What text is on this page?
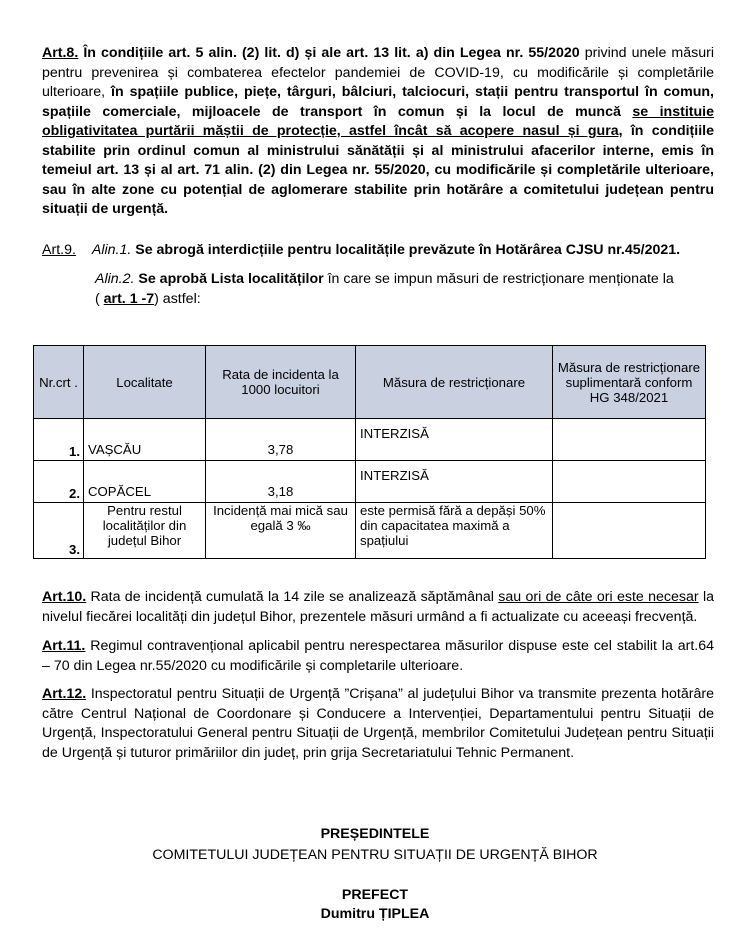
Art.8. În condițiile art. 5 alin. (2) lit. d) și ale art. 13 lit. a) din Legea nr. 55/2020 privind unele măsuri pentru prevenirea și combaterea efectelor pandemiei de COVID-19, cu modificările și completările ulterioare, în spațiile publice, piețe, târguri, bâlciuri, talciocuri, stații pentru transportul în comun, spațiile comerciale, mijloacele de transport în comun și la locul de muncă se instituie obligativitatea purtării măștii de protecție, astfel încât să acopere nasul și gura, în condițiile stabilite prin ordinul comun al ministrului sănătății și al ministrului afacerilor interne, emis în temeiul art. 13 și al art. 71 alin. (2) din Legea nr. 55/2020, cu modificările și completările ulterioare, sau în alte zone cu potențial de aglomerare stabilite prin hotărâre a comitetului județean pentru situații de urgență.
Art.9. Alin.1. Se abrogă interdicțiile pentru localitățile prevăzute în Hotărârea CJSU nr.45/2021.
Alin.2. Se aprobă Lista localităților în care se impun măsuri de restricționare menționate la
( art. 1 -7) astfel:
Nr.crt .	Localitate	Rata de incidenta la 1000 locuitori	Măsura de restricționare	Măsura de restricționare suplimentară conform HG 348/2021
1.	VAȘCĂU	3,78	INTERZISĂ	
2.	COPĂCEL	3,18	INTERZISĂ	
3.	Pentru restul localităților din județul Bihor	Incidență mai mică sau egală 3 ‰	este permisă fără a depăși 50% din capacitatea maximă a spațiului	
Art.10. Rata de incidență cumulată la 14 zile se analizează săptămânal sau ori de câte ori este necesar la nivelul fiecărei localități din județul Bihor, prezentele măsuri urmând a fi actualizate cu aceeași frecvență.
Art.11. Regimul contravențional aplicabil pentru nerespectarea măsurilor dispuse este cel stabilit la art.64 – 70 din Legea nr.55/2020 cu modificările și completarile ulterioare.
Art.12. Inspectoratul pentru Situații de Urgență ”Crișana” al județului Bihor va transmite prezenta hotărâre către Centrul Național de Coordonare și Conducere a Intervenției, Departamentului pentru Situații de Urgență, Inspectoratului General pentru Situații de Urgență, membrilor Comitetului Județean pentru Situații de Urgență și tuturor primăriilor din județ, prin grija Secretariatului Tehnic Permanent.
PREȘEDINTELE
COMITETULUI JUDEȚEAN PENTRU SITUAȚII DE URGENȚĂ BIHOR
PREFECT
Dumitru ȚIPLEA
